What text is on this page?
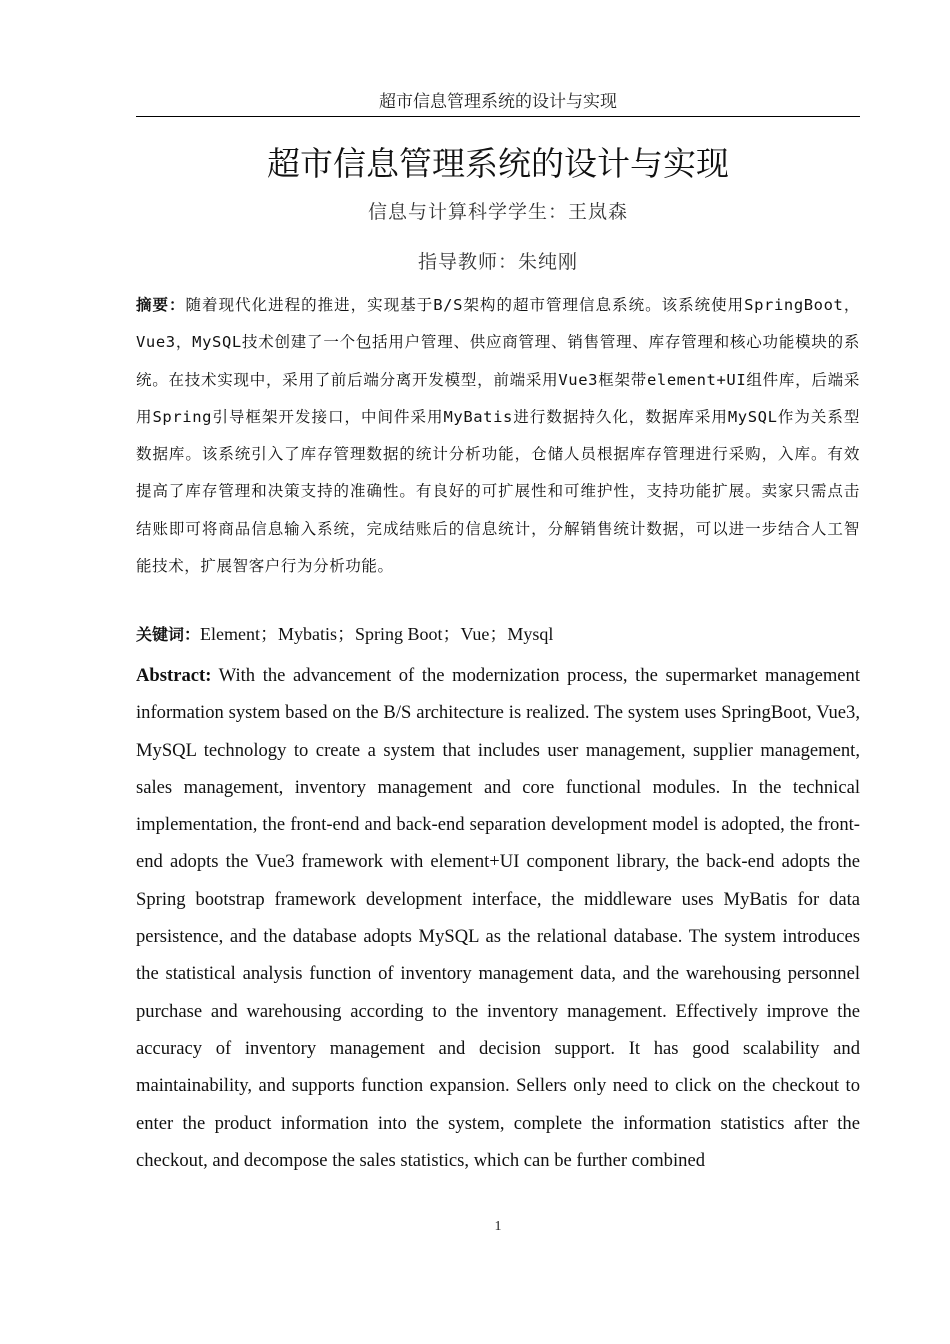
超市信息管理系统的设计与实现
超市信息管理系统的设计与实现
信息与计算科学学生：王岚森
指导教师：朱纯刚
摘要：随着现代化进程的推进，实现基于B/S架构的超市管理信息系统。该系统使用SpringBoot，Vue3，MySQL技术创建了一个包括用户管理、供应商管理、销售管理、库存管理和核心功能模块的系统。在技术实现中，采用了前后端分离开发模型，前端采用Vue3框架带element+UI组件库，后端采用Spring引导框架开发接口，中间件采用MyBatis进行数据持久化，数据库采用MySQL作为关系型数据库。该系统引入了库存管理数据的统计分析功能，仓储人员根据库存管理进行采购，入库。有效提高了库存管理和决策支持的准确性。有良好的可扩展性和可维护性，支持功能扩展。卖家只需点击结账即可将商品信息输入系统，完成结账后的信息统计，分解销售统计数据，可以进一步结合人工智能技术，扩展智客户行为分析功能。
关键词：Element；Mybatis；Spring Boot；Vue；Mysql
Abstract: With the advancement of the modernization process, the supermarket management information system based on the B/S architecture is realized. The system uses SpringBoot, Vue3, MySQL technology to create a system that includes user management, supplier management, sales management, inventory management and core functional modules. In the technical implementation, the front-end and back-end separation development model is adopted, the front-end adopts the Vue3 framework with element+UI component library, the back-end adopts the Spring bootstrap framework development interface, the middleware uses MyBatis for data persistence, and the database adopts MySQL as the relational database. The system introduces the statistical analysis function of inventory management data, and the warehousing personnel purchase and warehousing according to the inventory management. Effectively improve the accuracy of inventory management and decision support. It has good scalability and maintainability, and supports function expansion. Sellers only need to click on the checkout to enter the product information into the system, complete the information statistics after the checkout, and decompose the sales statistics, which can be further combined
1
